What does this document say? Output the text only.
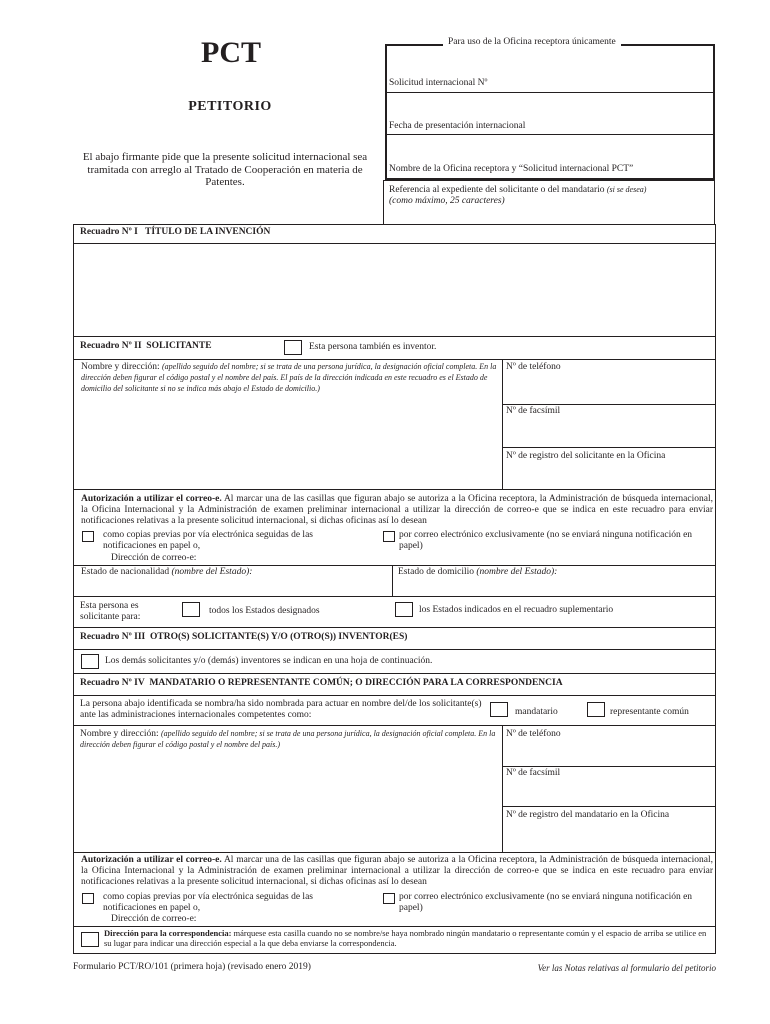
PCT
PETITORIO
El abajo firmante pide que la presente solicitud internacional sea tramitada con arreglo al Tratado de Cooperación en materia de Patentes.
Para uso de la Oficina receptora únicamente
Solicitud internacional Nº
Fecha de presentación internacional
Nombre de la Oficina receptora y “Solicitud internacional PCT”
Referencia al expediente del solicitante o del mandatario (si se desea)
(como máximo, 25 caracteres)
Recuadro Nº I TÍTULO DE LA INVENCIÓN
Recuadro Nº II SOLICITANTE	Esta persona también es inventor.
Nombre y dirección: (apellido seguido del nombre; si se trata de una persona jurídica, la designación oficial completa. En la dirección deben figurar el código postal y el nombre del país. El país de la dirección indicada en este recuadro es el Estado de domicilio del solicitante si no se indica más abajo el Estado de domicilio.)
Nº de teléfono
Nº de facsímil
Nº de registro del solicitante en la Oficina
Autorización a utilizar el correo-e. Al marcar una de las casillas que figuran abajo se autoriza a la Oficina receptora, la Administración de búsqueda internacional, la Oficina Internacional y la Administración de examen preliminar internacional a utilizar la dirección de correo-e que se indica en este recuadro para enviar notificaciones relativas a la presente solicitud internacional, si dichas oficinas así lo desean
como copias previas por vía electrónica seguidas de las notificaciones en papel o,
por correo electrónico exclusivamente (no se enviará ninguna notificación en papel)
Dirección de correo-e:
Estado de nacionalidad (nombre del Estado):	Estado de domicilio (nombre del Estado):
Esta persona es solicitante para:
todos los Estados designados	los Estados indicados en el recuadro suplementario
Recuadro Nº III OTRO(S) SOLICITANTE(S) Y/O (OTRO(S)) INVENTOR(ES)
Los demás solicitantes y/o (demás) inventores se indican en una hoja de continuación.
Recuadro Nº IV MANDATARIO O REPRESENTANTE COMÚN; O DIRECCIÓN PARA LA CORRESPONDENCIA
La persona abajo identificada se nombra/ha sido nombrada para actuar en nombre del/de los solicitante(s) ante las administraciones internacionales competentes como:	mandatario	representante común
Nombre y dirección: (apellido seguido del nombre; si se trata de una persona jurídica, la designación oficial completa. En la dirección deben figurar el código postal y el nombre del país.)
Nº de teléfono
Nº de facsímil
Nº de registro del mandatario en la Oficina
Autorización a utilizar el correo-e. Al marcar una de las casillas que figuran abajo se autoriza a la Oficina receptora, la Administración de búsqueda internacional, la Oficina Internacional y la Administración de examen preliminar internacional a utilizar la dirección de correo-e que se indica en este recuadro para enviar notificaciones relativas a la presente solicitud internacional, si dichas oficinas así lo desean
como copias previas por vía electrónica seguidas de las notificaciones en papel o,
por correo electrónico exclusivamente (no se enviará ninguna notificación en papel)
Dirección de correo-e:
Dirección para la correspondencia: márquese esta casilla cuando no se nombre/se haya nombrado ningún mandatario o representante común y el espacio de arriba se utilice en su lugar para indicar una dirección especial a la que deba enviarse la correspondencia.
Formulario PCT/RO/101 (primera hoja) (revisado enero 2019)	Ver las Notas relativas al formulario del petitorio
